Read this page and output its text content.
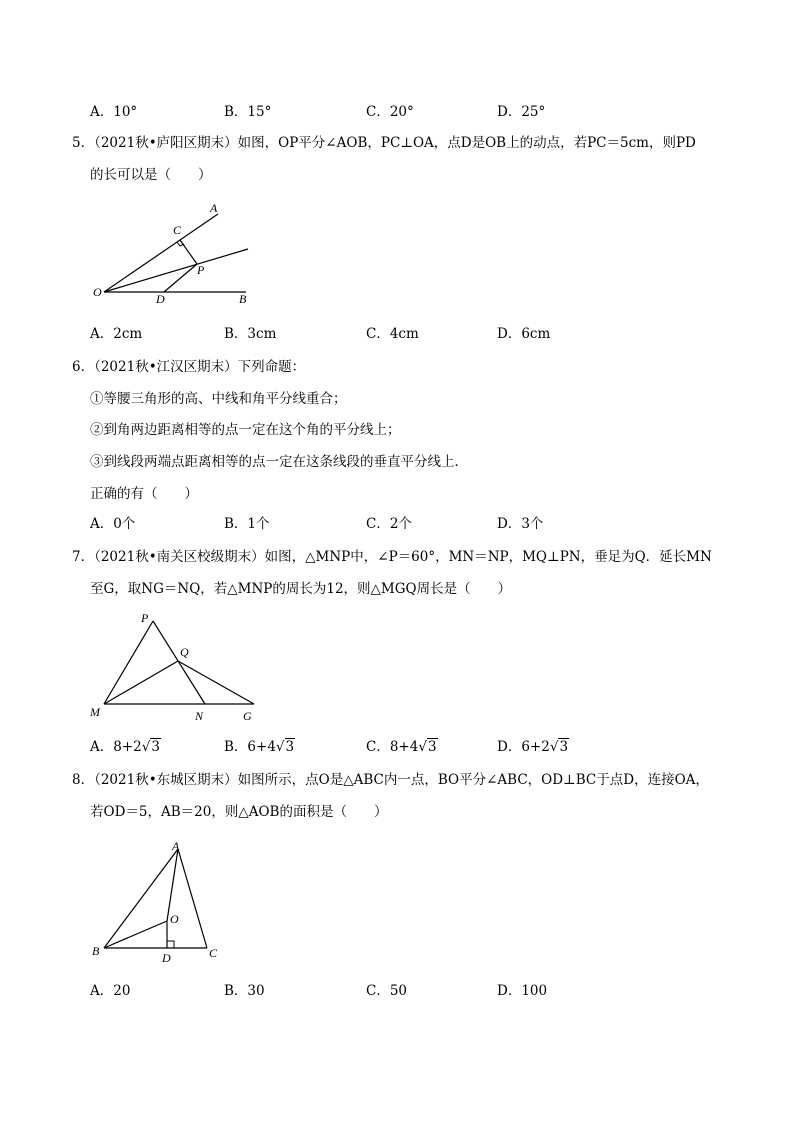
A．10°	B．15°	C．20°	D．25°
5．（2021秋•庐阳区期末）如图，OP平分∠AOB，PC⊥OA，点D是OB上的动点，若PC＝5cm，则PD
的长可以是（　　）
A
C
P
O	D	B
A．2cm	B．3cm	C．4cm	D．6cm
6．（2021秋•江汉区期末）下列命题：
①等腰三角形的高、中线和角平分线重合；
②到角两边距离相等的点一定在这个角的平分线上；
③到线段两端点距离相等的点一定在这条线段的垂直平分线上．
正确的有（　　）
A．0个	B．1个	C．2个	D．3个
7．（2021秋•南关区校级期末）如图，△MNP中，∠P＝60°，MN＝NP，MQ⊥PN，垂足为Q．延长MN
至G，取NG＝NQ，若△MNP的周长为12，则△MGQ周长是（　　）
P
Q
M	N	G
A．8+2√3	B．6+4√3	C．8+4√3	D．6+2√3
8．（2021秋•东城区期末）如图所示，点O是△ABC内一点，BO平分∠ABC，OD⊥BC于点D，连接OA，
若OD＝5，AB＝20，则△AOB的面积是（　　）
A
O
B	D	C
A．20	B．30	C．50	D．100
